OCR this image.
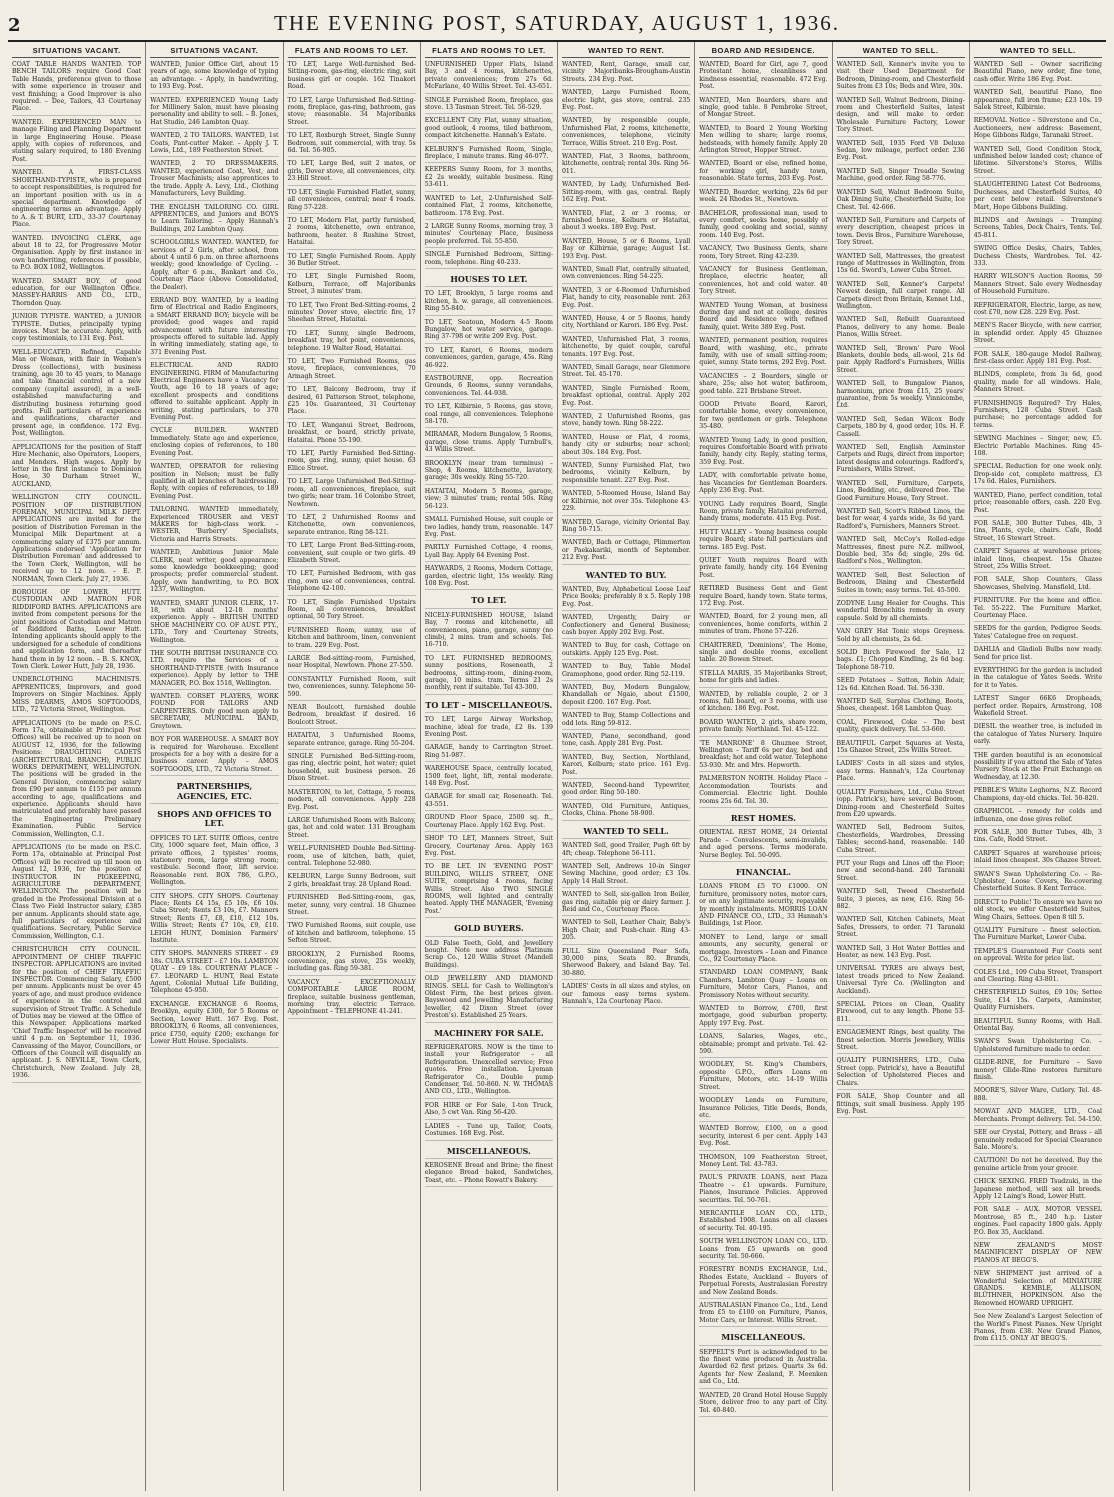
2	THE EVENING POST, SATURDAY, AUGUST 1, 1936.
SITUATIONS VACANT.

COAT TABLE HANDS WANTED. TOP BENCH TAILORS require Good Coat Table Hands, preference given to those with some experience in trouser and vest finishing; a Good Improver is also required. – Dee, Tailors, 43 Courtenay Place.

WANTED. EXPERIENCED MAN to manage Filing and Planning Department in large Engineering House. Please apply, with copies of references, and stating salary required, to 180 Evening Post.

WANTED. A FIRST-CLASS SHORTHAND-TYPISTE, who is prepared to accept responsibilities, is required for an important position with us in a special department. Knowledge of engineering terms an advantage. Apply to A. & T. BURT, LTD., 33-37 Courtenay Place.

WANTED. INVOICING CLERK, age about 18 to 22, for Progressive Motor Organisation. Apply by first instance in own handwriting, references if possible, to P.O. BOX 1082, Wellington.

WANTED. SMART BOY, of good education, for our Wellington Office. MASSEY-HARRIS AND CO., LTD., Thorndon Quay.

JUNIOR TYPISTE. WANTED, a JUNIOR TYPISTE. Duties, principally typing invoices. Must be accurate. Apply, with copy testimonials, to 131 Evg. Post.

WELL-EDUCATED, Refined, Capable Man or Woman, with flair in Women's Dress (collections), with business training, age 30 to 45 years, to Manage and take financial control of a new company (capital assured), in a well-established manufacturing and distributing business returning good profits. Full particulars of experience and qualifications, character and present age, in confidence. 172 Evg. Post, Wellington.

APPLICATIONS for the position of Staff Hire Mechanic, also Operators, Loopers, and Menders. High wages. Apply by letter in the first instance to Dominion Hose, 30 Durham Street W., AUCKLAND.

WELLINGTON CITY COUNCIL. POSITION OF DISTRIBUTION FOREMAN, MUNICIPAL MILK DEPT. APPLICATIONS are invited for the position of Distribution Foreman in the Municipal Milk Department at a commencing salary of £375 per annum. Applications endorsed 'Application for Distribution Foreman' and addressed to the Town Clerk, Wellington, will be received up to 12 noon. – E. P. NORMAN, Town Clerk. July 27, 1936.

BOROUGH OF LOWER HUTT. CUSTODIAN AND MATRON FOR RIDDIFORD BATHS. APPLICATIONS are invited from competent persons for the joint positions of Custodian and Matron of Riddiford Baths, Lower Hutt. Intending applicants should apply to the undersigned for a schedule of conditions and application form, and thereafter hand them in by 12 noon. – B. S. KNOX, Town Clerk. Lower Hutt, July 28, 1936.

UNDERCLOTHING MACHINISTS. APPRENTICES, Improvers, and good Improvers on Singer Machines. Apply MISS DEARMS, AMOS SOFTGOODS, LTD., 72 Victoria Street, Wellington.

APPLICATIONS (to be made on P.S.C. Form 17a, obtainable at Principal Post Offices) will be received up to noon on AUGUST 12, 1936, for the following Positions: DRAUGHTING CADETS (ARCHITECTURAL BRANCH), PUBLIC WORKS DEPARTMENT, WELLINGTON. The positions will be graded in the General Division, commencing salary from £90 per annum to £155 per annum according to age, qualifications and experience. Applicants should have matriculated and preferably have passed the Engineering Preliminary Examination. Public Service Commission, Wellington, C.1.

APPLICATIONS (to be made on P.S.C. Form 17a, obtainable at Principal Post Offices) will be received up till noon on August 12, 1936, for the position of INSTRUCTOR IN PIGKEEPING, AGRICULTURE DEPARTMENT, WELLINGTON. The position will be graded in the Professional Division at a Class Two Field Instructor salary, £385 per annum. Applicants should state age, full particulars of experience and qualifications. Secretary, Public Service Commission, Wellington, C.1.

CHRISTCHURCH CITY COUNCIL. APPOINTMENT OF CHIEF TRAFFIC INSPECTOR. APPLICATIONS are invited for the position of CHIEF TRAFFIC INSPECTOR. Commencing Salary, £500 per annum. Applicants must be over 45 years of age, and must produce evidence of experience in the control and supervision of Street Traffic. A Schedule of Duties may be viewed at the Office of this Newspaper. Applications marked 'Chief Traffic Inspector' will be received until 4 p.m. on September 11, 1936. Canvassing of the Mayor, Councillors, or Officers of the Council will disqualify an applicant. J. S. NEVILLE, Town Clerk, Christchurch, New Zealand. July 28, 1936.

SITUATIONS VACANT.

WANTED, Junior Office Girl, about 15 years of age, some knowledge of typing an advantage. – Apply, in handwriting, to 193 Evg. Post.

WANTED. EXPERIENCED Young Lady for Millinery Salon, must have pleasing personality and ability to sell. – B. Jones, Hat Studio, 246 Lambton Quay.

WANTED, 2 TO TAILORS. WANTED, 1st Coats, Pant-cutter Maker. – Apply J. T. Lewis, Ltd., 189 Featherston Street.

WANTED, 2 TO DRESSMAKERS. WANTED, experienced Coat, Vest, and Trouser Machinists; also apprentices to the trade. Apply A. Levy, Ltd., Clothing Manufacturers, Levy Building.

THE ENGLISH TAILORING CO. GIRL APPRENTICES, and Juniors and BOYS to Learn Tailoring. – Apply Hannah's Buildings, 202 Lambton Quay.

SCHOOLGIRLS WANTED. WANTED, for services of 2 Girls, after school, from about 4 until 6 p.m. on three afternoons weekly; good knowledge of Cycling. – Apply, after 6 p.m., Bankart and Co., Courtenay Place (Above Consolidated, the Dealer).

ERRAND BOY. WANTED, by a leading firm of Electrical and Radio Engineers, a SMART ERRAND BOY; bicycle will be provided; good wages and rapid advancement with future interesting prospects offered to suitable lad. Apply in writing immediately, stating age, to 371 Evening Post.

ELECTRICAL AND RADIO ENGINEERING. FIRM of Manufacturing Electrical Engineers have a Vacancy for Youth, age 16 to 18 years of age; excellent prospects and conditions offered to suitable applicant. Apply in writing, stating particulars, to 370 Evening Post.

CYCLE BUILDER. WANTED Immediately. State age and experience, enclosing copies of references, to 180 Evening Post.

WANTED, OPERATOR for relieving position in Nelson; must be fully qualified in all branches of hairdressing. Reply, with copies of references, to 189 Evening Post.

TAILORING. WANTED immediately, Experienced TROUSER and VEST MAKERS for high-class work. – WESTER, 'Burberry' Specialists, Victoria and Harris Streets.

WANTED, Ambitious Junior Male CLERK, neat writer, good appearance; some knowledge bookkeeping; good prospects; prefer commercial student. Apply, own handwriting, to P.O. BOX 1237, Wellington.

WANTED, SMART JUNIOR CLERK, 17-18, with about 12-18 months' experience. Apply – BRITISH UNITED SHOE MACHINERY CO. OF AUST. PTY., LTD., Tory and Courtenay Streets, Wellington.

THE SOUTH BRITISH INSURANCE CO. LTD. require the Services of a SHORTHAND-TYPISTE (with Insurance experience). Apply by letter to THE MANAGER, P.O. Box 1518, Wellington.

WANTED. CORSET PLAYERS, WORK FOUND FOR TAILORS AND CARPENTERS. Only good men apply to SECRETARY, MUNICIPAL BAND, Greytown.

BOY FOR WAREHOUSE. A SMART BOY is required for Warehouse. Excellent prospects for a boy with a desire for a business career. Apply – AMOS SOFTGOODS, LTD., 72 Victoria Street.

PARTNERSHIPS, AGENCIES, ETC.

SHOPS AND OFFICES TO LET.

OFFICES TO LET. SUITE Offices, centre City, 1000 square feet, Main office, 3 private offices, 2 typistes' rooms, stationery room, large strong room; vestibule. Second floor, lift service. Reasonable rent. BOX 786, G.P.O., Wellington.

CITY SHOPS. CITY SHOPS. Courtenay Place; Rents £4 15s, £5 10s, £6 10s. Cuba Street; Rents £3 10s, £7. Manners Street; Rents £7, £8, £10, £12 10s. Willis Street; Rents £7 10s, £9, £10. LEIGH HUNT, Dominion Farmers' Institute.

CITY SHOPS. MANNERS STREET – £9 18s. CUBA STREET – £7 10s. LAMBTON QUAY – £9 18s. COURTENAY PLACE – £7. LEONARD L. HUNT, Real Estate Agent, Colonial Mutual Life Building, Telephone 45-950.

EXCHANGE. EXCHANGE 6 Rooms, Brooklyn, equity £300, for 5 Rooms or Section, Lower Hutt. 167 Evg. Post. BROOKLYN, 6 Rooms, all conveniences, price £750, equity £200; exchange for Lower Hutt House. Specialists.

FLATS AND ROOMS TO LET.

TO LET, Large Well-furnished Bed-Sitting-room, gas-ring, electric ring, suit business girl or couple. 162 Tinakori Road.

TO LET, Large Unfurnished Bed-Sitting-room, fireplace, gas-ring, bathroom, gas stove; reasonable. 34 Majoribanks Street.

TO LET, Roxburgh Street, Single Sunny Bedroom, suit commercial, with tray. 5s 6d. Tel. 56-905.

TO LET, Large Bed, suit 2 mates, or girls, Dover stove, all conveniences, city. 23 Hill Street.

TO LET, Single Furnished Flatlet, sunny, all conveniences, central; near 4 roads. Ring 57-228.

TO LET, Modern Flat, partly furnished, 2 rooms, kitchenette, own entrance, bathroom, heater. 8 Rushine Street, Hataitai.

TO LET, Single Furnished Room. Apply 36 Butler Street.

TO LET, Single Furnished Room, Kelburn, Terrace, off Majoribanks Street, 3 minutes' tram.

TO LET, Two Front Bed-Sitting-rooms, 2 minutes' Dover stove, electric fire, 17 Sheehan Street, Hataitai.

TO LET, Sunny, single Bedroom, breakfast tray, hot point, conveniences, telephone. 19 Walter Road, Hataitai.

TO LET, Two Furnished Rooms, gas stove, fireplace, conveniences, 70 Armagh Street.

TO LET, Balcony Bedroom, tray if desired, 61 Patterson Street, telephone, £25 10s. Guaranteed, 31 Courtenay Place.

TO LET, Wanganui Street, Bedroom, breakfast, or board, strictly private, Hataitai. Phone 55-190.

TO LET, Partly Furnished Bed-Sitting-room, gas ring, sunny, quiet house. 63 Ellice Street.

TO LET, Large Unfurnished Bed-Sitting-room, all conveniences, fireplace, suit two girls; near tram. 16 Colombo Street, Newtown.

TO LET, 2 Unfurnished Rooms and Kitchenette, own conveniences, separate entrance. Ring 58-121.

TO LET, Large Front Bed-Sitting-room, convenient, suit couple or two girls. 49 Elizabeth Street.

TO LET, Furnished Bedroom, with gas ring, own use of conveniences, central. Telephone 42-100.

TO LET, Single Furnished Upstairs Room, all conveniences, breakfast optional, 50 Tory Street.

FURNISHED Room, sunny, use of kitchen and bathroom, linen, convenient to tram. 229 Evg. Post.

LARGE Bed-sitting-room, Furnished, near Hospital, Newtown. Phone 27-550.

CONSTANTLY Furnished Room, suit two, conveniences, sunny. Telephone 50-590.

NEAR Boulcott, furnished double Bedroom, breakfast if desired. 16 Boulcott Street.

HATAITAI, 3 Unfurnished Rooms, separate entrance, garage. Ring 55-204.

SINGLE Furnished Bed-Sitting-room, gas ring, electric point, hot water; quiet household, suit business person. 26 Dixon Street.

MASTERTON, to let, Cottage, 5 rooms, modern, all conveniences. Apply 228 Evg. Post.

LARGE Unfurnished Room with Balcony, gas, hot and cold water. 131 Brougham Street.

WELL-FURNISHED Double Bed-Sitting-room, use of kitchen, bath, quiet, central. Telephone 52-980.

KELBURN, Large Sunny Bedroom, suit 2 girls, breakfast tray. 28 Upland Road.

FURNISHED Bed-Sitting-room, gas, meter, sunny, very central. 18 Ghuznee Street.

TWO Furnished Rooms, suit couple, use of kitchen and bathroom, telephone. 15 Sefton Street.

BROOKLYN, 2 Furnished Rooms, convenience, gas stove, 25s weekly, including gas. Ring 59-381.

VACANCY – EXCEPTIONALLY COMFORTABLE LARGE ROOM, fireplace, suitable business gentleman, morning tray, electric Terrace. Appointment – TELEPHONE 41-241.

FLATS AND ROOMS TO LET.

UNFURNISHED Upper Flats, Island Bay, 3 and 4 rooms, kitchenettes, private conveniences; from 27s 6d. McFarlane, 40 Willis Street. Tel. 43-651.

SINGLE Furnished Room, fireplace, gas stove. 13 Tasman Street. Tel. 56-529.

EXCELLENT City Flat, sunny situation, good outlook, 4 rooms, tiled bathroom, compact kitchenette. Hannah's Estate.

KELBURN'S Furnished Room, Single, fireplace, 1 minute trams. Ring 46-077.

KEEPERS Sunny Room, for 3 months, £2 2s weekly, suitable business. Ring 53-611.

WANTED to Let, 2-Unfurnished Self-contained Flat, 2 rooms, kitchenette, bathroom. 178 Evg. Post.

2 LARGE Sunny Rooms, morning tray, 3 minutes' Courtenay Place, business people preferred. Tel. 55-850.

SINGLE Furnished Bedroom, Sitting-room, telephone. Ring 40-233.

HOUSES TO LET.

TO LET, Brooklyn, 5 large rooms and kitchen, h. w. garage, all conveniences. Ring 55-840.

TO LET, Seatoun, Modern 4-5 Room Bungalow, hot water service, garage. Ring 37-798 or write 209 Evg. Post.

TO LET, Karori, 6 Rooms, modern conveniences, garden, garage, 45s. Ring 46-922.

EASTBOURNE, opp. Recreation Grounds, 6 Rooms, sunny verandahs, conveniences. Tel. 44-938.

TO LET, Kilbirnie, 5 Rooms, gas stove, coal range, all conveniences. Telephone 58-170.

MIRAMAR, Modern Bungalow, 5 Rooms, garage, close trams. Apply Turnbull's, 43 Willis Street.

BROOKLYN (near tram terminus) – Shop, 4 Rooms, kitchenette, lavatory, garage; 30s weekly. Ring 55-720.

HATAITAI, Modern 5 Rooms, garage, view; 3 minutes' tram; rental 50s. Ring 56-123.

SMALL Furnished House, suit couple or two ladies, handy tram, reasonable. 147 Evg. Post.

PARTLY Furnished Cottage, 4 rooms, Lyall Bay. Apply 64 Evening Post.

HAYWARDS, 2 Rooms, Modern Cottage, garden, electric light, 15s weekly. Ring 108 Evg. Post.

TO LET.

NICELY-FURNISHED HOUSE, Island Bay, 7 rooms and kitchenette, all conveniences, piano, garage, sunny (no climb), 2 mins. tram and schools. Tel. 16-710.

TO LET. FURNISHED BEDROOMS, sunny positions, Roseneath, 2 bedrooms, sitting-room, dining-room, garage, 10 mins. tram. Terms 21 2s monthly, rent if suitable. Tel 43-300.

TO LET – MISCELLANEOUS.

TO LET, Large Airway Workshop, machine, ideal for trade, £2 8s. 139 Evening Post.

GARAGE, handy to Carrington Street. Ring 51-987.

WAREHOUSE Space, centrally located, 1500 feet, light, lift, rental moderate. 148 Evg. Post.

GARAGE for small car, Roseneath. Tel. 43-551.

GROUND Floor Space, 2500 sq. ft., Courtenay Place. Apply 162 Evg. Post.

SHOP TO LET, Manners Street, Suit Grocery, Courtenay Area. Apply 163 Evg. Post.

TO BE LET. IN 'EVENING POST' BUILDING, WILLIS STREET, ONE SUITE, comprising 4 rooms, facing Willis Street. Also TWO SINGLE ROOMS, well lighted and centrally heated. Apply THE MANAGER, 'Evening Post.'

GOLD BUYERS.

OLD False Teeth, Gold, and Jewellery bought. Note new address Platinum Scrap Co., 120 Willis Street (Mandell Buildings).

OLD JEWELLERY AND DIAMOND RINGS. SELL for Cash to Wellington's Oldest Firm, the best prices given. Bayswood and Jewelling Manufacturing Jeweller, 42 Dixon Street (over Preston's). Established 25 Years.

MACHINERY FOR SALE.

REFRIGERATORS. NOW is the time to install your Refrigerator – all Refrigeration. Unexcelled service; Free quotes. Free installation. Lyeman Refrigerator Co., Double pump Condenser, Tel. 50-860. N. W. THOMAS AND CO., LTD., Wellington.

FOR HIRE or For Sale, 1-ton Truck, Also, 5 cwt Van. Ring 56-420.

LADIES – Tune up, Tailor, Coats, Costumes. 168 Evg. Post.

MISCELLANEOUS.

KEROSENE Bread and Brine; the finest elegance Bread baked, Sandwiches, Toast, etc. – Phone Rowatt's Bakery.

WANTED TO RENT.

WANTED, Rent, Garage, small car, vicinity Majoribanks-Brougham-Austin Streets. 234 Evg. Post.

WANTED, Large Furnished Room, electric light, gas stove, central. 235 Evg. Post.

WANTED, by responsible couple, Unfurnished Flat, 2 rooms, kitchenette, conveniences, telephone, vicinity Terrace, Willis Street. 210 Evg. Post.

WANTED, Flat, 3 Rooms, bathroom, kitchenette, central; rental 30s. Ring 56-011.

WANTED, by Lady, Unfurnished Bed-Sitting-room, with gas, central. Reply 162 Evg. Post.

WANTED, Flat, 2 or 3 rooms, or furnished house, Kelburn or Hataitai, about 3 weeks. 189 Evg. Post.

WANTED, House, 5 or 6 Rooms, Lyall Bay or Kilbirnie, garage; August 1st. 193 Evg. Post.

WANTED, Small Flat, centrally situated, own conveniences. Ring 54-225.

WANTED, 3 or 4-Roomed Unfurnished Flat, handy to city, reasonable rent. 263 Evg. Post.

WANTED, House, 4 or 5 Rooms, handy city, Northland or Karori. 186 Evg. Post.

WANTED, Unfurnished Flat, 3 rooms, kitchenette, by quiet couple, careful tenants. 197 Evg. Post.

WANTED, Small Garage, near Glenmore Street. Tel. 45-170.

WANTED, Single Furnished Room, breakfast optional, central. Apply 202 Evg. Post.

WANTED, 2 Unfurnished Rooms, gas stove, handy town. Ring 58-222.

WANTED, House or Flat, 4 rooms, handy city or suburbs; near school; about 30s. 184 Evg. Post.

WANTED, Sunny Furnished Flat, two bedrooms, vicinity Kelburn, by responsible tenant. 227 Evg. Post.

WANTED, 5-Roomed House, Island Bay or Kilbirnie, not over 35s. Telephone 43-229.

WANTED, Garage, vicinity Oriental Bay. Ring 50-715.

WANTED, Bach or Cottage, Plimmerton or Paekakariki, month of September. 212 Evg. Post.

WANTED TO BUY.

WANTED, Buy, Alphabetical Loose Leaf Price Books; preferably 8 x 5. Reply 198 Evg. Post.

WANTED, Urgently, Dairy or Confectionery and General Business; cash buyer. Apply 202 Evg. Post.

WANTED to Buy, for cash, Cottage on outskirts. Apply 125 Evg. Post.

WANTED to Buy, Table Model Gramophone, good order. Ring 52-119.

WANTED, Buy, Modern Bungalow, Khandallah or Ngaio, about £1500, deposit £200. 167 Evg. Post.

WANTED to Buy, Stamp Collections and odd lots. Ring 59-812.

WANTED, Piano, secondhand, good tone, cash. Apply 281 Evg. Post.

WANTED, Buy, Section, Northland, Karori, Kelburn; state price. 161 Evg. Post.

WANTED, Second-hand Typewriter, good order. Ring 50-180.

WANTED, Old Furniture, Antiques, Clocks, China. Phone 58-900.

WANTED TO SELL.

WANTED Sell, good Trailer, Pugh 6ft by 4ft; cheap. Telephone 56-111.

WANTED Sell, Andrews 10-in Singer Sewing Machine, good order; £3 10s. Apply 14 Hall Street.

WANTED to Sell, six-gallon Iron Boiler, gas ring, suitable pig or dairy farmer. J. Reid and Co., Courtenay Place.

WANTED to Sell, Leather Chair, Baby's High Chair, and Push-chair. Ring 43-205.

FULL Size Queensland Pear Sofa, 30,000 pins, Seats 80. Brands, Sherwood Bakery, and Island Bay. Tel. 30-880.

LADIES' Costs in all sizes and styles, on our famous easy terms system. Hannah's, 12a Courtenay Place.

BOARD AND RESIDENCE.

WANTED, Board for Girl, age 7, good Protestant home, cleanliness and kindness essential, reasonable. 472 Evg. Post.

WANTED, Men Boarders, share and single, good table. 8 Pembroke Street, of Mongar Street.

WANTED, to Board 2 Young Working Men willing to share; large rooms, bedsteads, with homely family. Apply 20 Arlington Street, Hopper Street.

WANTED, Board or else, refined home, for working girl, handy town, reasonable. State terms, 203 Evg. Post.

WANTED, Boarder, working, 22s 6d per week. 24 Rhodes St., Newtown.

BACHELOR, professional man, used to every comfort, seeks home, possibly of family, good cooking and social, sunny room. 140 Evg. Post.

VACANCY, Two Business Gents, share room, Tory Street. Ring 42-239.

VACANCY for Business Gentleman, fireplace, electric heater, all conveniences, hot and cold water. 40 Tory Street.

WANTED Young Woman, at business during day and not at college, desires Board and Residence with refined family, quiet. Write 389 Evg. Post.

WANTED, permanent position, requires Board, with washing, etc., private family, with use of small sitting-room; quiet, sunny. State terms, 292 Evg. Post.

VACANCIES – 2 Boarders, single or share, 25s; also hot water, bathroom, good table. 221 Brisbane Street.

GOOD Private Board, Karori, comfortable home, every convenience, for two gentlemen or girls. Telephone 35-480.

WANTED Young Lady, in good position, requires Comfortable Board with private family, handy city. Reply, stating terms, 359 Evg. Post.

LADY, with comfortable private home, has Vacancies for Gentleman Boarders. Apply 236 Evg. Post.

YOUNG Lady requires Board, Single Room, private family, Hataitai preferred, handy trams, moderate. 415 Evg. Post.

HUTT VALLEY – Young business couple require Board; state full particulars and terms. 185 Evg. Post.

QUIET Youth requires Board with private family, handy city. 164 Evening Post.

RETIRED Business Gent and Gent require Board, handy town. State terms, 172 Evg. Post.

WANTED, Board, for 2 young men, all conveniences, home comforts, within 2 minutes of tram. Phone 57-226.

CHARTERED, 'Dominions', The Home, single and double rooms, excellent table. 20 Bowen Street.

STELLA MARIS, 35 Majoribanks Street, home for girls and ladies.

WANTED, by reliable couple, 2 or 3 rooms, full board, or 3 rooms, with use of kitchen. 186 Evg. Post.

BOARD WANTED, 2 girls, share room, private family. Northland. Tel. 45-122.

'TE MANRONE' 8 Ghuznee Street, Wellington – Tariff 6s per day, bed and breakfast; hot and cold water. Telephone 53-930. Mr. and Mrs. Hepworth.

PALMERSTON NORTH. Holiday Place – Accommodation Tourists and Commercial. Electric light. Double rooms 25s 6d. Tel. 30.

REST HOMES.

ORIENTAL REST HOME, 24 Oriental Parade – Convalescents, semi-invalids, and aged persons. Terms moderate. Nurse Begley. Tel. 50-095.

FINANCIAL.

LOANS FROM £5 TO £1000. ON furniture, promissory notes, motor cars, or on any legitimate security, repayable by monthly instalments. MORRIS LOAN AND FINANCE CO., LTD., 33 Hannah's Buildings, 1st Floor.

MONEY to Lend, large or small amounts, any security, general or mortgage. Investors – Loan and Finance Co., 92 Courtenay Place.

STANDARD LOAN COMPANY, Bank Chambers, Lambton Quay – Loans on Furniture, Motor Cars, Pianos, and Promissory Notes without security.

WANTED to Borrow, £700, first mortgage, good suburban property. Apply 197 Evg. Post.

LOANS, Salaries, Wages, etc., obtainable; prompt and private. Tel. 42-590.

WOODLEY, St. King's Chambers, opposite G.P.O., offers Loans on Furniture, Motors, etc. 14-19 Willis Street.

WOODLEY Lends on Furniture, Insurance Policies, Title Deeds, Bonds, etc.

WANTED Borrow, £100, on a good security, interest 6 per cent. Apply 143 Evg. Post.

THOMSON, 109 Featherston Street, Money Lent. Tel. 43-783.

PAUL'S PRIVATE LOANS, next Plaza Theatre – £1 upwards. Furniture, Pianos, Insurance Policies. Approved securities. Tel. 50-761.

MERCANTILE LOAN CO., LTD., Established 1908. Loans on all classes of security. Tel. 40-195.

SOUTH WELLINGTON LOAN CO., LTD. Loans from £5 upwards on good security. Tel. 50-666.

FORESTRY BONDS EXCHANGE, Ltd., Rhodes Estate, Auckland – Buyers of Perpetual Forests, Australasian Forestry and New Zealand Bonds.

AUSTRALASIAN Finance Co., Ltd., Lend from £5 to £100 on Furniture, Pianos, Motor Cars, or Interest. Willis Street.

MISCELLANEOUS.

SEPPELT'S Port is acknowledged to be the finest wine produced in Australia. Awarded 62 first prizes. Quarts 3s 6d. Agents for New Zealand, F. Meenken and Co., Ltd.

WANTED, 20 Grand Hotel House Supply Store, deliver free to any part of City. Tel. 40-840.

WANTED TO SELL.

WANTED Sell, Kenner's invite you to visit their Used Department for Bedroom, Dining-room, and Chesterfield Suites from £3 10s; Beds and Wire, 30s.

WANTED Sell, Walnut Bedroom, Dining-room and Chesterfield Suites, latest design, and will make to order. Wholesale Furniture Factory, Lower Tory Street.

WANTED Sell, 1935 Ford V8 Deluxe Sedan, low mileage, perfect order. 236 Evg. Post.

WANTED Sell, Singer Treadle Sewing Machine, good order. Ring 58-776.

WANTED Sell, Walnut Bedroom Suite, Oak Dining Suite, Chesterfield Suite, Ice Chest. Tel. 42-666.

WANTED Sell, Furniture and Carpets of every description, cheapest prices in town. Devis Bros., Furniture Warehouse, Tory Street.

WANTED Sell, Mattresses, the greatest range of Mattresses in Wellington, from 15s 6d. Sword's, Lower Cuba Street.

WANTED Sell, Kenner's Carpets! Newest design, full carpet range. All Carpets direct from Britain, Kennet Ltd., Wellington.

WANTED Sell, Rebuilt Guaranteed Pianos, delivery to any home. Beale Pianos, Willis Street.

WANTED Sell, 'Brown' Pure Wool Blankets, double beds, all-wool, 21s 6d pair. Apply Radford's Furnishers, Willis Street.

WANTED Sell, to Bungalow Pianos, harmonium, price from £15, 25 years' guarantee, from 5s weekly. Vinnicombe, Ltd.

WANTED Sell, Sedan Wilcox Body Carpets, 180 by 4, good order, 10s. H. F. Cassell.

WANTED Sell, English Axminster Carpets and Rugs, direct from importer; latest designs and colourings. Radford's, Furnishers, Willis Street.

WANTED Sell, Furniture, Carpets, Linos, Bedding, etc., delivered free. The Good Furniture House, Tory Street.

WANTED Sell, Scott's Ribbed Linos, the best for wear, 4 yards wide, 3s 6d yard. Radford's, Furnishers, Manners Street.

WANTED Sell, McCoy's Rolled-edge Mattresses, finest pure N.Z. millwool, Double bed, 35s 6d; single, 29s 6d. Radford's Nos., Wellington.

WANTED Sell, Best Selection of Bedroom, Dining and Chesterfield Suites in town; easy terms. Tel. 45-500.

ZODYNE Lung Healer for Coughs. This wonderful Bronchitis remedy in every capsule. Sold by all chemists.

VAN GREY Hat Tonic stops Greyness. Sold by all chemists, 2s 6d.

SOLID Birch Firewood for Sale, 12 bags. £1; Chopped Kindling, 2s 6d bag. Telephone 58-710.

SEED Potatoes – Sutton, Robin Adair, 12s 6d. Kitchen Road. Tel. 56-330.

WANTED Sell, Surplus Clothing, Boots, Shoes, cheapest. 168 Lambton Quay.

COAL, Firewood, Coke – The best quality, quick delivery. Tel. 53-660.

BEAUTIFUL Carpet Squares at Vesta, 15s Ghazee Street, 25s Willis Street.

LADIES' Costs in all sizes and styles, easy terms. Hannah's, 12a Courtenay Place.

QUALITY Furnishers, Ltd., Cuba Street (opp. Patrick's), have several Bedroom, Dining-room and Chesterfield Suites from £20 upwards.

WANTED Sell, Bedroom Suites, Chesterfields, Wardrobes, Dressing Tables; second-hand, reasonable. 140 Cuba Street.

PUT your Rugs and Linos off the Floor; new and second-hand. 240 Taranaki Street.

WANTED Sell, Tweed Chesterfield Suite, 3 pieces, as new, £16. Ring 56-882.

WANTED Sell, Kitchen Cabinets, Meat Safes, Dressers, to order. 71 Taranaki Street.

WANTED Sell, 3 Hot Water Bottles and Heater, as new. 143 Evg. Post.

UNIVERSAL TYRES are always best, latest treads priced to New Zealand. Universal Tyre Co. (Wellington and Auckland).

SPECIAL Prices on Clean, Quality Firewood, cut to any length. Phone 53-811.

ENGAGEMENT Rings, best quality. The finest selection. Morris Jewellery, Willis Street.

QUALITY FURNISHERS, LTD., Cuba Street (opp. Patrick's), have a Beautiful Selection of Upholstered Pieces and Chairs.

FOR SALE, Shop Counter and all fittings, suit small business. Apply 195 Evg. Post.

WANTED TO SELL.

WANTED Sell – Owner sacrificing Beautiful Piano, new order, fine tone, cash offer. Write 186 Evg. Post.

WANTED Sell, beautiful Piano, fine appearance, full iron frame; £23 10s. 19 Salek Street, Kilbirnie.

REMOVAL Notice – Silverstone and Co., Auctioneers, new address: Basement, Hope Gibbons Ridge, Taranaki Street.

WANTED Sell, Good Condition Stock, unfinished below landed cost; chance of lifetime. Silverstone's Stores, Willis Street.

SLAUGHTERING Latest Cot Bedrooms, Duchesses, and Chesterfield Suites, 40 per cent below retail. Silverstone's Mart, Hope Gibbons Building.

BLINDS and Awnings – Tramping Screens, Tables, Deck Chairs, Tents. Tel. 45-811.

SWING Office Desks, Chairs, Tables, Duchess Chests, Wardrobes. Tel. 42-333.

HARRY WILSON'S Auction Rooms, 59 Manners Street. Sale every Wednesday of Household Furniture.

REFRIGERATOR, Electric, large, as new, cost £70, now £28. 229 Evg. Post.

MEN'S Racer Bicycle, with new carrier, in splendid order. Apply 45 Ghuznee Street.

FOR SALE, 180-gauge Model Railway, first-class order. Apply 181 Evg. Post.

BLINDS, complete, from 3s 6d, good quality, made for all windows. Hale, Manners Street.

FURNISHINGS Required? Try Hales, Furnishers, 128 Cuba Street. Cash purchase; no percentage added for terms.

SEWING Machines – Singer, new, £5. Electric Portable Machines. Ring 45-108.

SPECIAL Reduction for one week only. Drop-side cot, complete mattress, £3 17s 6d. Hales, Furnishers.

WANTED, Piano, perfect condition, total price; reasonable offers, cash. 220 Evg. Post.

FOR SALE, 300 Butter Tubes, 4lb, 3 tins, Plants, cycle, chairs. Cafe, Rodd Street, 16 Stewart Street.

CARPET Squares at warehouse prices; inlaid linos, cheapest. 15s Ghazee Street, 25s Willis Street.

FOR SALE, Shop Counters, Glass Showcases, Shelving. Mansfield, Ltd.

FURNITURE. For the home and office. Tel. 55-222. The Furniture Market, Courtenay Place.

SEEDS for the garden, Pedigree Seeds. Yates' Catalogue free on request.

DAHLIA and Gladioli Bulbs now ready. Send for price list.

EVERYTHING for the garden is included in the catalogue of Yates Seeds. Write for it to Yates.

LATEST Singer 66K6 Dropheads, perfect order. Repairs, Armstrong, 108 Wakefield Street.

DIESIL the weather tree, is included in the catalogue of Yates Nursery. Inquire early.

THE garden beautiful is an economical possibility if you attend the Sale of Yates Nursery Stock at the Fruit Exchange on Wednesday, at 12.30.

PEBBLE'S White Leghorns, N.Z. Record Champions, day-old chicks. Tel. 50-820.

GRAPHICOL – remedy for colds and influenza, one dose gives relief.

FOR SALE, 300 Butter Tubes, 4lb, 3 tins. Cafe, Rodd Street.

CARPET Squares at warehouse prices; inlaid linos cheapest. 30s Ghazee Street.

SWAN'S Swan Upholstering Co. – Re-Upholster, Loose Covers, Re-covering Chesterfield Suites. 8 Kent Terrace.

DIRECT to Public! To ensure we have no old stock, we offer Chesterfield Suites, Wing Chairs, Settees. Open 8 till 5.

QUALITY Furniture – finest selection. The Furniture Market, Lower Cuba.

TEMPLE'S Guaranteed Fur Coats sent on approval. Write for price list.

COLES Ltd., 109 Cuba Street, Transport and Clearing. Ring 43-801.

CHESTERFIELD Suites, £9 10s; Settee Suite, £14 15s. Carpets, Axminster, Quality Furnishers.

BEAUTIFUL Sunny Rooms, with Hall. Oriental Bay.

SWAN'S Swan Upholstering Co. – Upholstered furniture made to order.

GLIDE-RINE, for Furniture – Save money! Glide-Rine restores furniture finish.

MOORE'S, Silver Ware, Cutlery. Tel. 48-888.

MOWAT AND MAGEE, LTD., Coal Merchants. Prompt delivery. Tel. 54-150.

SEE our Crystal, Pottery, and Brass – all genuinely reduced for Special Clearance Sale. Moore's.

CAUTION! Do not be deceived. Buy the genuine article from your grocer.

CHICK SEXING. FRED Tsudzuki, in the Japanese method, will sex all breeds. Apply 12 Laing's Road, Lower Hutt.

FOR SALE – AUX. MOTOR VESSEL Montrose, 85 ft., 240 h.p. Lister engines. Fuel capacity 1800 gals. Apply P.O. Box 35, Auckland.

NEW ZEALAND'S MOST MAGNIFICENT DISPLAY OF NEW PIANOS AT BEGG'S.

NEW SHIPMENT just arrived of a Wonderful Selection of MINIATURE GRANDS. KEMBLE, ALLISON, BLÜTHNER, HOPKINSON. Also the Renowned HOWARD UPRIGHT.

See New Zealand's Largest Selection of the World's Finest Pianos. New Upright Pianos, from £38. New Grand Pianos, from £115. ONLY AT BEGG'S.
